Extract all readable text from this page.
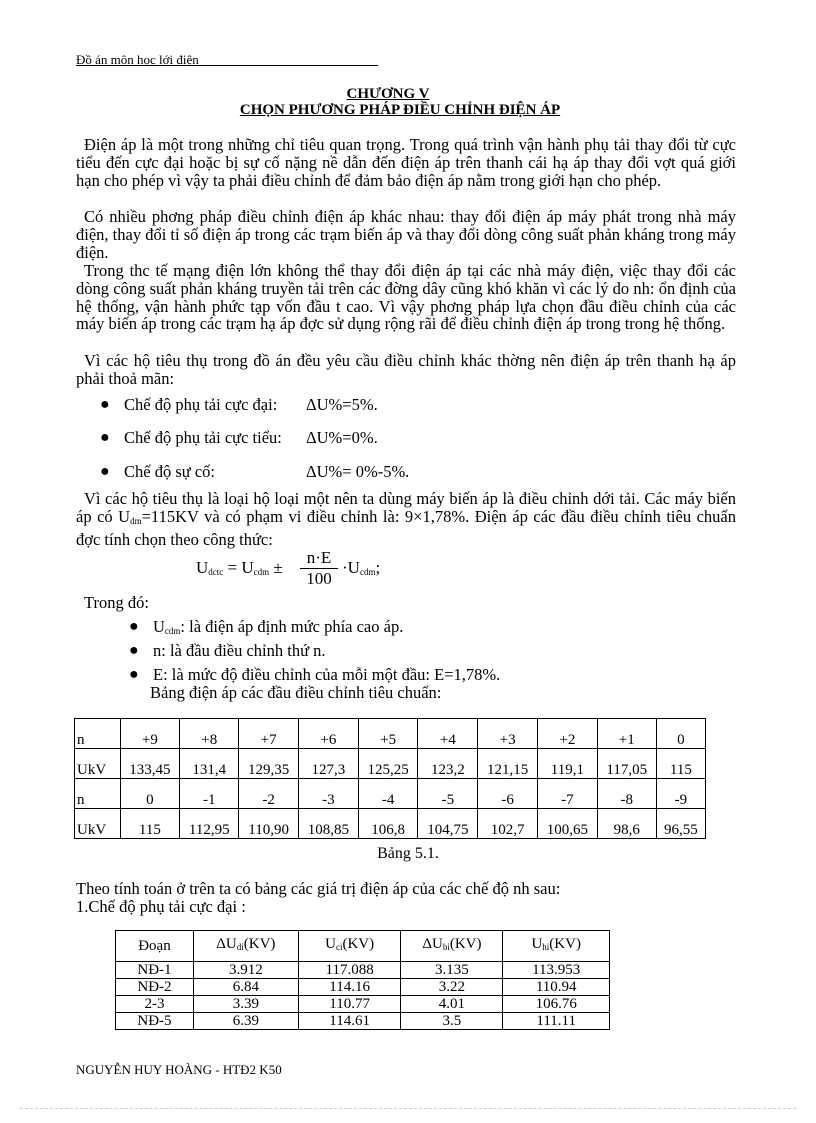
Đồ án môn học lới điện
CHƯƠNG V
CHỌN PHƯƠNG PHÁP ĐIỀU CHỈNH ĐIỆN ÁP
Điện áp là một trong những chỉ tiêu quan trọng. Trong quá trình vận hành phụ tải thay đổi từ cực tiểu đến cực đại hoặc bị sự cố nặng nề dẫn đến điện áp trên thanh cái hạ áp thay đổi vợt quá giới hạn cho phép vì vậy ta phải điều chỉnh để đảm bảo điện áp nằm trong giới hạn cho phép.
Có nhiều phơng pháp điều chỉnh điện áp khác nhau: thay đổi điện áp máy phát trong nhà máy điện, thay đổi tỉ số điện áp trong các trạm biến áp và thay đổi dòng công suất phản kháng trong máy điện.
Trong thc tế mạng điện lớn không thể thay đổi điện áp tại các nhà máy điện, việc thay đổi các dòng công suất phản kháng truyền tải trên các đờng dây cũng khó khăn vì các lý do nh: ổn định của hệ thống, vận hành phức tạp vốn đầu t cao. Vì vậy phơng pháp lựa chọn đầu điều chỉnh của các máy biến áp trong các trạm hạ áp đợc sử dụng rộng rãi để điều chỉnh điện áp trong trong hệ thống.
Vì các hộ tiêu thụ trong đồ án đều yêu cầu điều chỉnh khác thờng nên điện áp trên thanh hạ áp phải thoả mãn:
● Chế độ phụ tải cực đại: ΔU%=5%.
● Chế độ phụ tải cực tiểu: ΔU%=0%.
● Chế độ sự cố:	ΔU%= 0%-5%.
Vì các hộ tiêu thụ là loại hộ loại một nên ta dùng máy biến áp là điều chỉnh dới tải. Các máy biến áp có $U_{dm}=115KV$ và có phạm vi điều chỉnh là: 9×1,78%. Điện áp các đầu điều chỉnh tiêu chuẩn đợc tính chọn theo công thức:
$U_{dctc} = U_{cdm} \pm \frac{n\cdot E}{100} \cdot U_{cdm}$;
Trong đó:
● $U_{cdm}$: là điện áp định mức phía cao áp.
● n: là đầu điều chỉnh thứ n.
● E: là mức độ điều chỉnh của mỗi một đầu: E=1,78%.
Bảng điện áp các đầu điều chỉnh tiêu chuẩn:
n	+9	+8	+7	+6	+5	+4	+3	+2	+1	0
UkV	133,45	131,4	129,35	127,3	125,25	123,2	121,15	119,1	117,05	115
n	0	-1	-2	-3	-4	-5	-6	-7	-8	-9
UkV	115	112,95	110,90	108,85	106,8	104,75	102,7	100,65	98,6	96,55
Bảng 5.1.
Theo tính toán ở trên ta có bảng các giá trị điện áp của các chế độ nh sau:
1.Chế độ phụ tải cực đại :
Đoạn	$\Delta U_{di}(KV)$	$U_{ci}(KV)$	$\Delta U_{bi}(KV)$	$U_{hi}(KV)$
NĐ-1	3.912	117.088	3.135	113.953
NĐ-2	6.84	114.16	3.22	110.94
2-3	3.39	110.77	4.01	106.76
NĐ-5	6.39	114.61	3.5	111.11
NGUYỄN HUY HOÀNG - HTĐ2 K50
